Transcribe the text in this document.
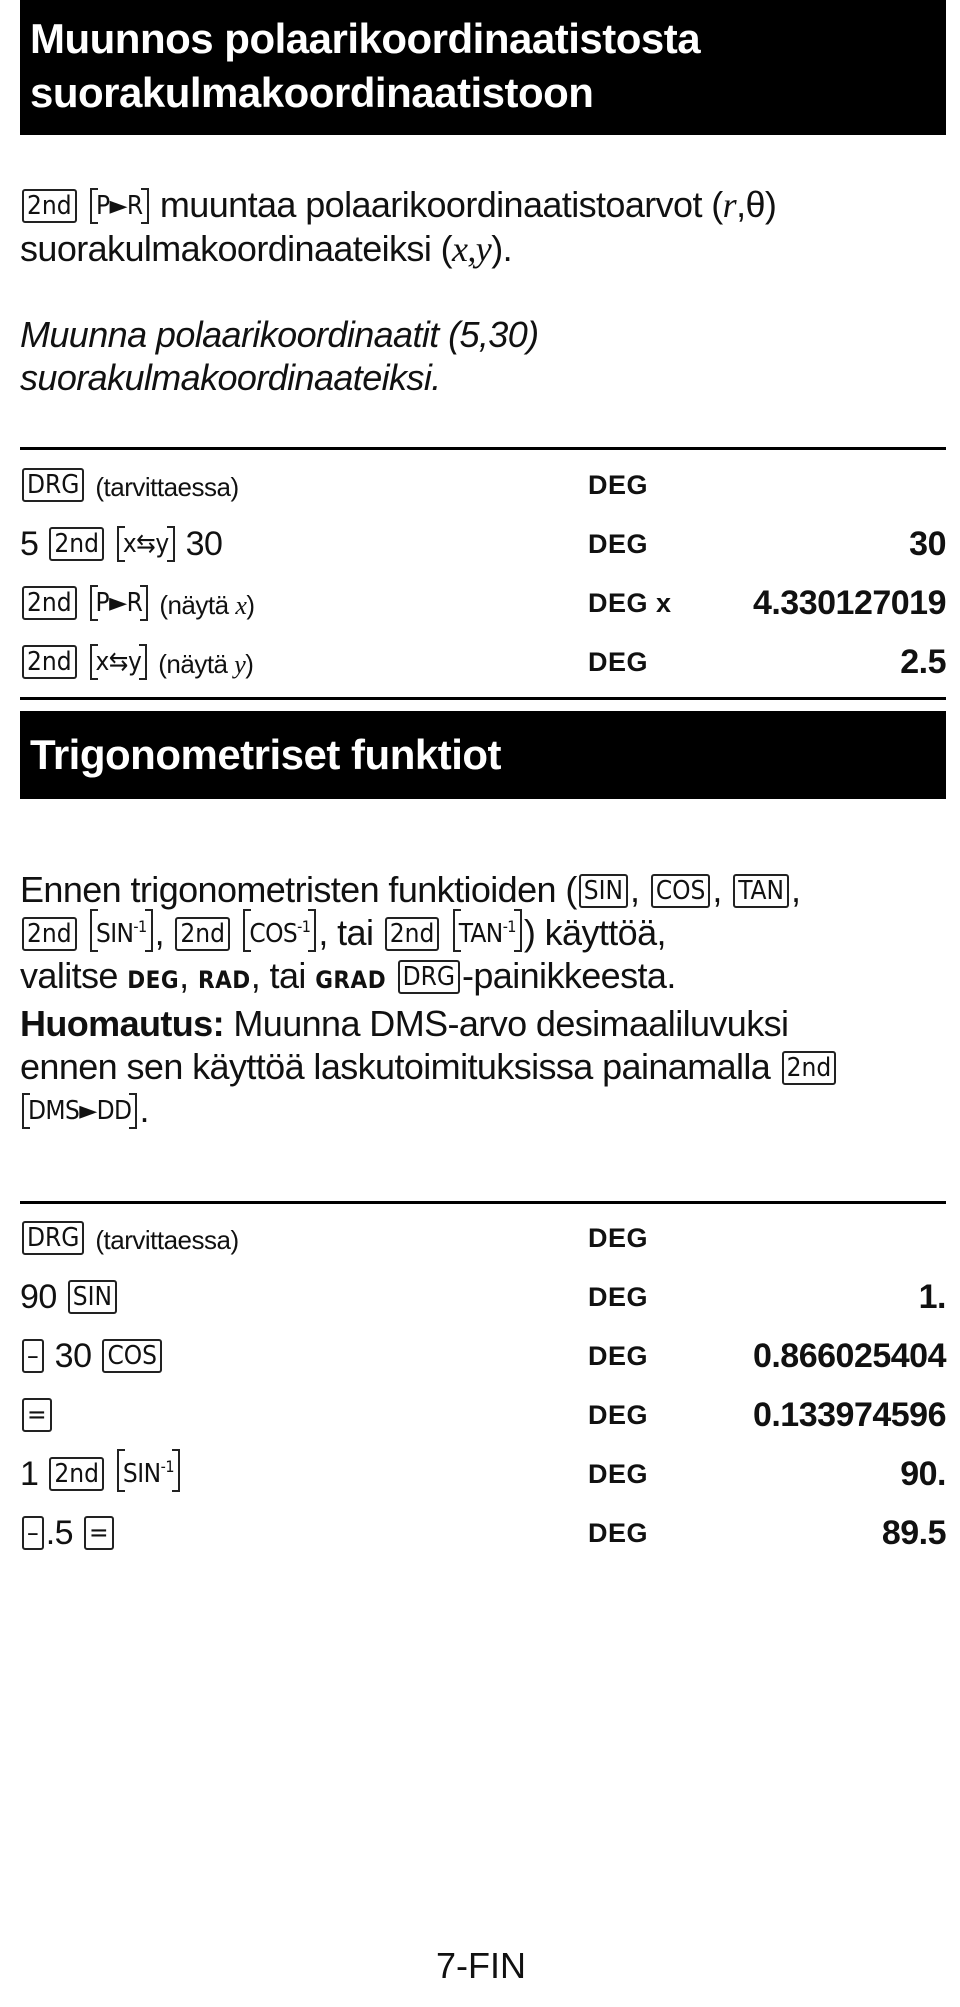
Muunnos polaarikoordinaatistosta
suorakulmakoordinaatistoon
2nd P►R muuntaa polaarikoordinaatistoarvot (r,θ)
suorakulmakoordinaateiksi (x,y).
Muunna polaarikoordinaatit (5,30)
suorakulmakoordinaateiksi.
DRG (tarvittaessa)	DEG
5 2nd x⇆y 30	DEG	30
2nd P►R (näytä x)	DEG x 4.330127019
2nd x⇆y (näytä y)	DEG	2.5
Trigonometriset funktiot
Ennen trigonometristen funktioiden ( SIN , COS , TAN ,
2nd $SIN^{-1}$ , 2nd $COS^{-1}$ , tai 2nd $TAN^{-1}$ ) käyttöä,
valitse DEG, RAD, tai GRAD DRG -painikkeesta.
Huomautus: Muunna DMS-arvo desimaaliluvuksi
ennen sen käyttöä laskutoimituksissa painamalla 2nd
DMS►DD .
DRG (tarvittaessa)	DEG
90 SIN	DEG	1.
– 30 COS	DEG	0.866025404
=	DEG	0.133974596
1 2nd $SIN^{-1}$	DEG	90.
– .5 =	DEG	89.5
7-FIN
